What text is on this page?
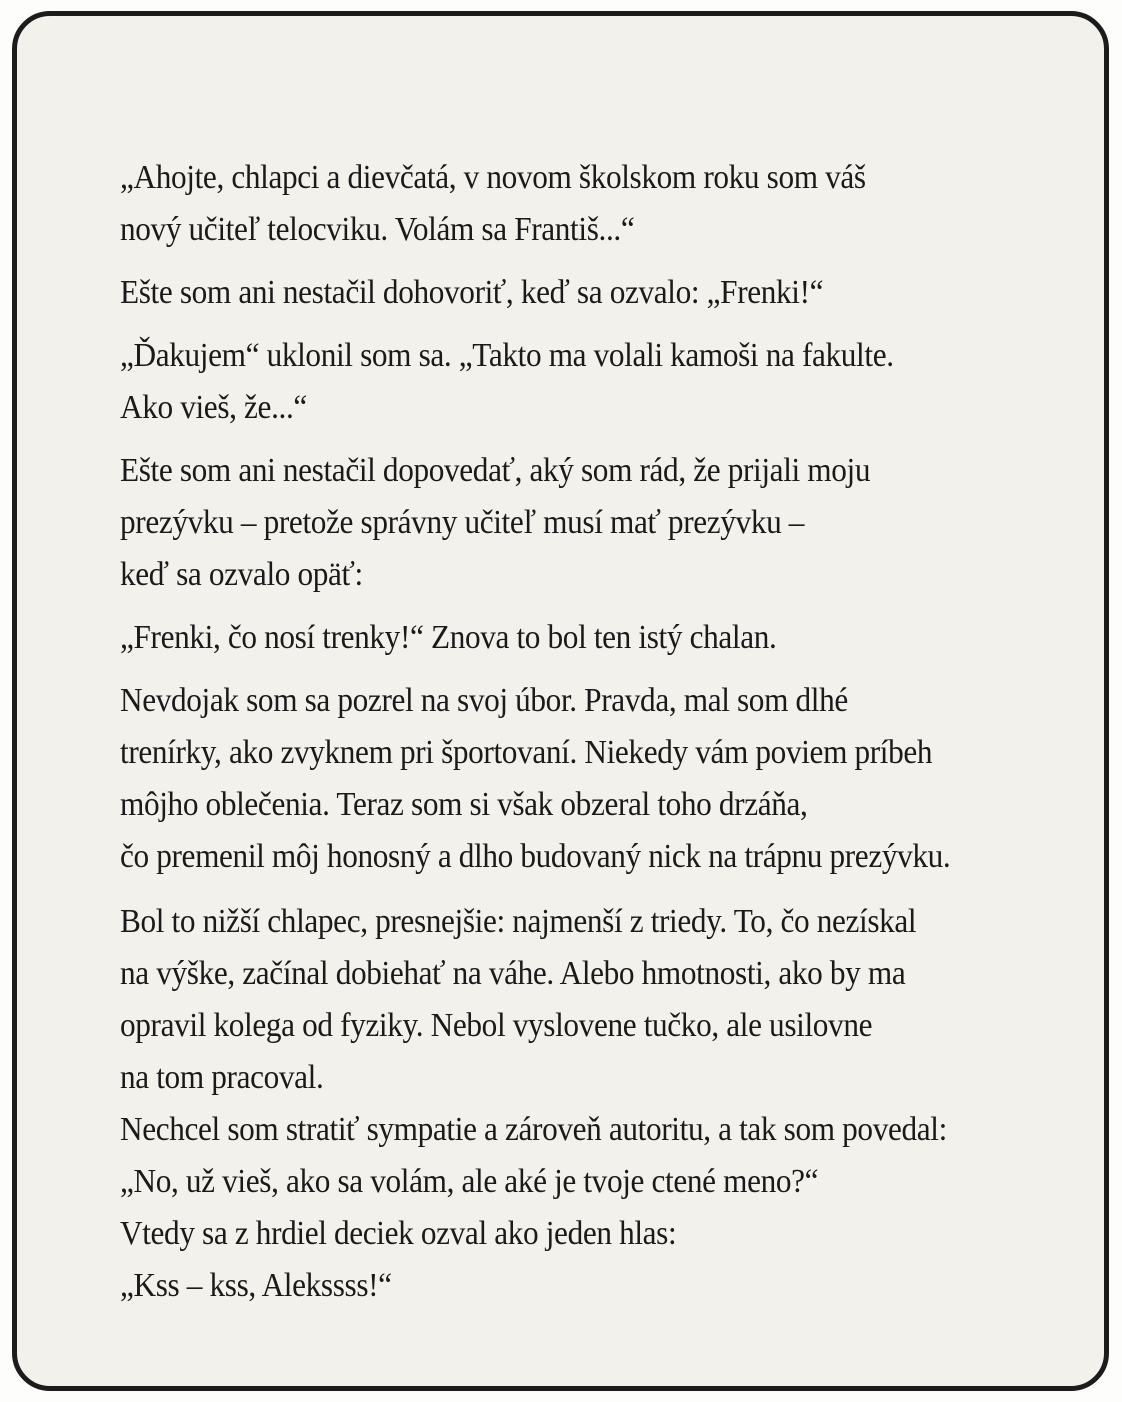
„Ahojte, chlapci a dievčatá, v novom školskom roku som váš
nový učiteľ telocviku. Volám sa Františ...“

Ešte som ani nestačil dohovoriť, keď sa ozvalo: „Frenki!“

„Ďakujem“ uklonil som sa. „Takto ma volali kamoši na fakulte.
Ako vieš, že...“

Ešte som ani nestačil dopovedať, aký som rád, že prijali moju
prezývku – pretože správny učiteľ musí mať prezývku –
keď sa ozvalo opäť:

„Frenki, čo nosí trenky!“ Znova to bol ten istý chalan.

Nevdojak som sa pozrel na svoj úbor. Pravda, mal som dlhé
trenírky, ako zvyknem pri športovaní. Niekedy vám poviem príbeh
môjho oblečenia. Teraz som si však obzeral toho drzáňa,
čo premenil môj honosný a dlho budovaný nick na trápnu prezývku.

Bol to nižší chlapec, presnejšie: najmenší z triedy. To, čo nezískal
na výške, začínal dobiehať na váhe. Alebo hmotnosti, ako by ma
opravil kolega od fyziky. Nebol vyslovene tučko, ale usilovne
na tom pracoval.
Nechcel som stratiť sympatie a zároveň autoritu, a tak som povedal:
„No, už vieš, ako sa volám, ale aké je tvoje ctené meno?“
Vtedy sa z hrdiel deciek ozval ako jeden hlas:
„Kss – kss, Alekssss!“
